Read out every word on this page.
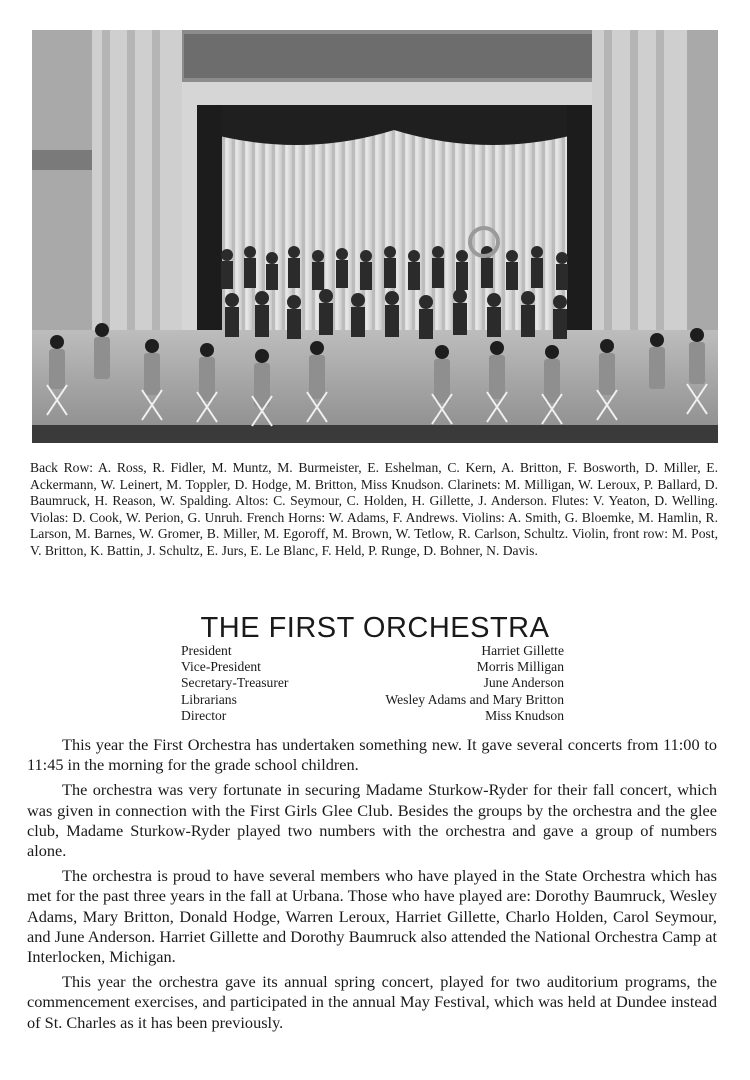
Back Row: A. Ross, R. Fidler, M. Muntz, M. Burmeister, E. Eshelman, C. Kern, A. Britton, F. Bosworth, D. Miller, E. Ackermann, W. Leinert, M. Toppler, D. Hodge, M. Britton, Miss Knudson. Clarinets: M. Milligan, W. Leroux, P. Ballard, D. Baumruck, H. Reason, W. Spalding. Altos: C. Seymour, C. Holden, H. Gillette, J. Anderson. Flutes: V. Yeaton, D. Welling. Violas: D. Cook, W. Perion, G. Unruh. French Horns: W. Adams, F. Andrews. Violins: A. Smith, G. Bloemke, M. Hamlin, R. Larson, M. Barnes, W. Gromer, B. Miller, M. Egoroff, M. Brown, W. Tetlow, R. Carlson, Schultz. Violin, front row: M. Post, V. Britton, K. Battin, J. Schultz, E. Jurs, E. Le Blanc, F. Held, P. Runge, D. Bohner, N. Davis.
THE FIRST ORCHESTRA
President	Harriet Gillette
Vice-President	Morris Milligan
Secretary-Treasurer	June Anderson
Librarians	Wesley Adams and Mary Britton
Director	Miss Knudson

This year the First Orchestra has undertaken something new. It gave several concerts from 11:00 to 11:45 in the morning for the grade school children.

The orchestra was very fortunate in securing Madame Sturkow-Ryder for their fall concert, which was given in connection with the First Girls Glee Club. Besides the groups by the orchestra and the glee club, Madame Sturkow-Ryder played two numbers with the orchestra and gave a group of numbers alone.

The orchestra is proud to have several members who have played in the State Orchestra which has met for the past three years in the fall at Urbana. Those who have played are: Dorothy Baumruck, Wesley Adams, Mary Britton, Donald Hodge, Warren Leroux, Harriet Gillette, Charlo Holden, Carol Seymour, and June Anderson. Harriet Gillette and Dorothy Baumruck also attended the National Orchestra Camp at Interlocken, Michigan.

This year the orchestra gave its annual spring concert, played for two auditorium programs, the commencement exercises, and participated in the annual May Festival, which was held at Dundee instead of St. Charles as it has been previously.
